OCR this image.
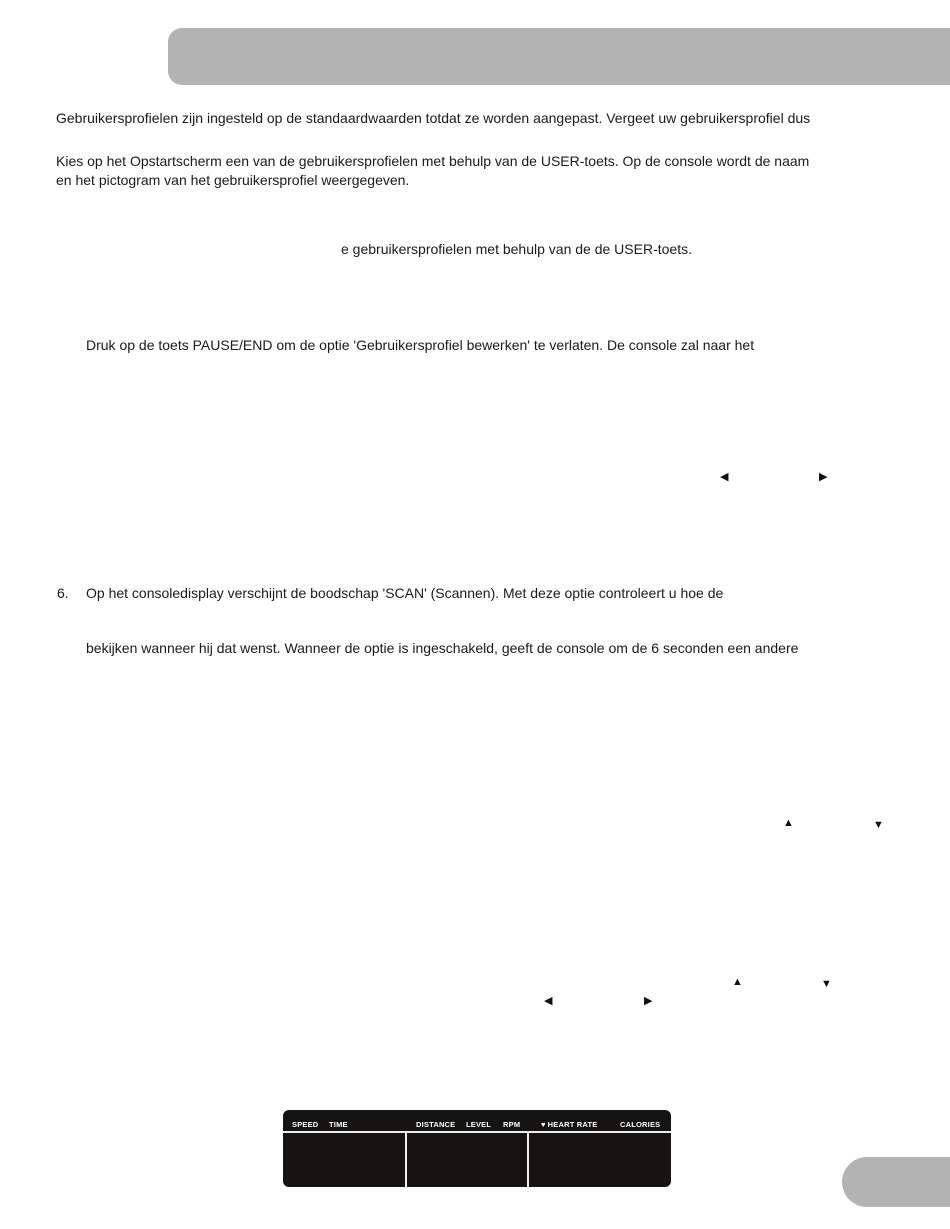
Gebruikersprofielen zijn ingesteld op de standaardwaarden totdat ze worden aangepast. Vergeet uw gebruikersprofiel dus

Kies op het Opstartscherm een van de gebruikersprofielen met behulp van de USER-toets. Op de console wordt de naam

en het pictogram van het gebruikersprofiel weergegeven.

e gebruikersprofielen met behulp van de de USER-toets.

Druk op de toets PAUSE/END om de optie 'Gebruikersprofiel bewerken' te verlaten. De console zal naar het

◀	▶

6. Op het consoledisplay verschijnt de boodschap 'SCAN' (Scannen). Met deze optie controleert u hoe de

bekijken wanneer hij dat wenst. Wanneer de optie is ingeschakeld, geeft de console om de 6 seconden een andere

▲	▼
▲	▼
◀	▶
SPEED TIME	DISTANCE LEVEL RPM	♥ HEART RATE	CALORIES
